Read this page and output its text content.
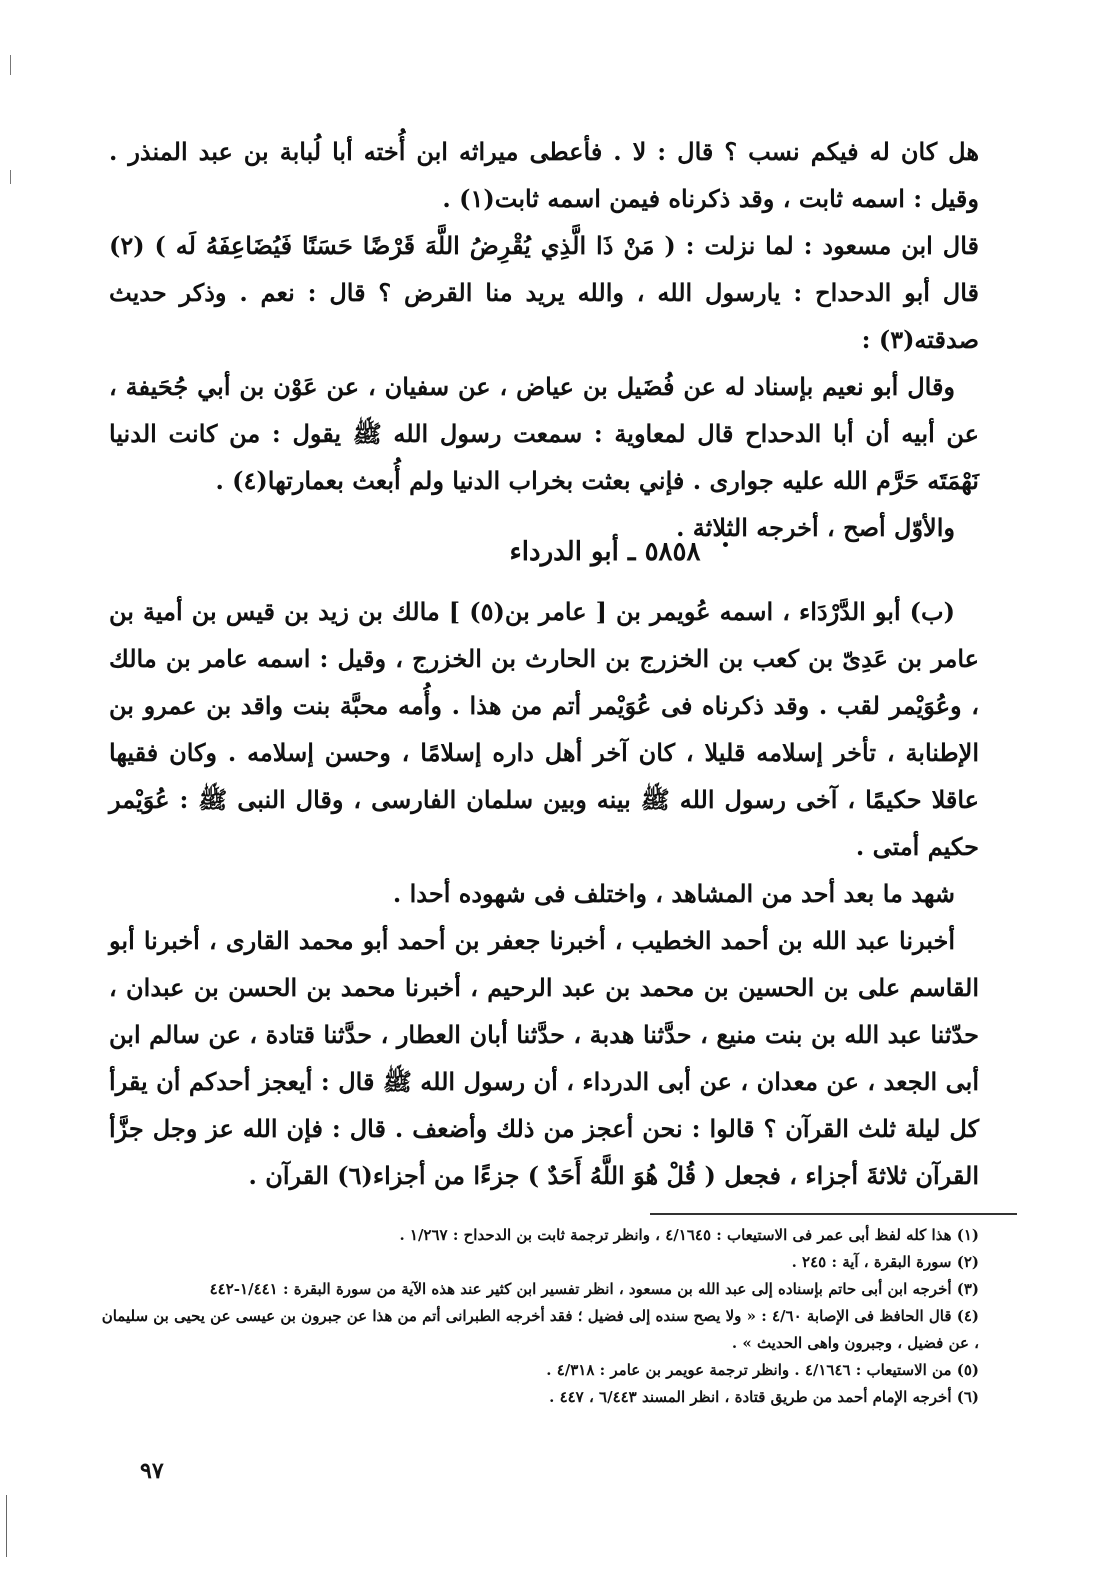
هل كان له فيكم نسب ؟ قال : لا . فأعطى ميراثه ابن أُخته أبا لُبابة بن عبد المنذر . وقيل : اسمه ثابت ، وقد ذكرناه فيمن اسمه ثابت(١) .

قال ابن مسعود : لما نزلت : ( مَنْ ذَا الَّذِي يُقْرِضُ اللَّهَ قَرْضًا حَسَنًا فَيُضَاعِفَهُ لَه ) (٢) قال أبو الدحداح : يارسول الله ، والله يريد منا القرض ؟ قال : نعم . وذكر حديث صدقته(٣) :

وقال أبو نعيم بإسناد له عن فُضَيل بن عياض ، عن سفيان ، عن عَوْن بن أبي جُحَيفة ، عن أبيه أن أبا الدحداح قال لمعاوية : سمعت رسول الله ﷺ يقول : من كانت الدنيا نَهْمَتَه حَرَّم الله عليه جوارى . فإني بعثت بخراب الدنيا ولم أُبعث بعمارتها(٤) .

والأوّل أصح ، أخرجه الثلاثة .

٥٨٥٨ ـ أبو الدرداء

(ب) أبو الدَّرْدَاء ، اسمه عُويمر بن [ عامر بن(٥) ] مالك بن زيد بن قيس بن أمية بن عامر بن عَدِىّ بن كعب بن الخزرج بن الحارث بن الخزرج ، وقيل : اسمه عامر بن مالك ، وعُوَيْمر لقب . وقد ذكرناه فى عُوَيْمر أتم من هذا . وأُمه محبَّة بنت واقد بن عمرو بن الإطنابة ، تأخر إسلامه قليلا ، كان آخر أهل داره إسلامًا ، وحسن إسلامه . وكان فقيها عاقلا حكيمًا ، آخى رسول الله ﷺ بينه وبين سلمان الفارسى ، وقال النبى ﷺ : عُوَيْمر حكيم أمتى .

شهد ما بعد أحد من المشاهد ، واختلف فى شهوده أحدا .

أخبرنا عبد الله بن أحمد الخطيب ، أخبرنا جعفر بن أحمد أبو محمد القارى ، أخبرنا أبو القاسم على بن الحسين بن محمد بن عبد الرحيم ، أخبرنا محمد بن الحسن بن عبدان ، حدّثنا عبد الله بن بنت منيع ، حدَّثنا هدبة ، حدَّثنا أبان العطار ، حدَّثنا قتادة ، عن سالم ابن أبى الجعد ، عن معدان ، عن أبى الدرداء ، أن رسول الله ﷺ قال : أيعجز أحدكم أن يقرأ كل ليلة ثلث القرآن ؟ قالوا : نحن أعجز من ذلك وأضعف . قال : فإن الله عز وجل جزَّأ القرآن ثلاثةَ أجزاء ، فجعل ( قُلْ هُوَ اللَّهُ أَحَدٌ ) جزءًا من أجزاء(٦) القرآن .

(١) هذا كله لفظ أبى عمر فى الاستيعاب : ٤/١٦٤٥ ، وانظر ترجمة ثابت بن الدحداح : ١/٢٦٧ .

(٢) سورة البقرة ، آية : ٢٤٥ .

(٣) أخرجه ابن أبى حاتم بإسناده إلى عبد الله بن مسعود ، انظر تفسير ابن كثير عند هذه الآية من سورة البقرة : ١/٤٤١-٤٤٢

(٤) قال الحافظ فى الإصابة ٤/٦٠ : « ولا يصح سنده إلى فضيل ؛ فقد أخرجه الطبرانى أتم من هذا عن جبرون بن عيسى عن يحيى بن سليمان ، عن فضيل ، وجبرون واهى الحديث » .

(٥) من الاستيعاب : ٤/١٦٤٦ . وانظر ترجمة عويمر بن عامر : ٤/٣١٨ .

(٦) أخرجه الإمام أحمد من طريق قتادة ، انظر المسند ٦/٤٤٣ ، ٤٤٧ .

٩٧
